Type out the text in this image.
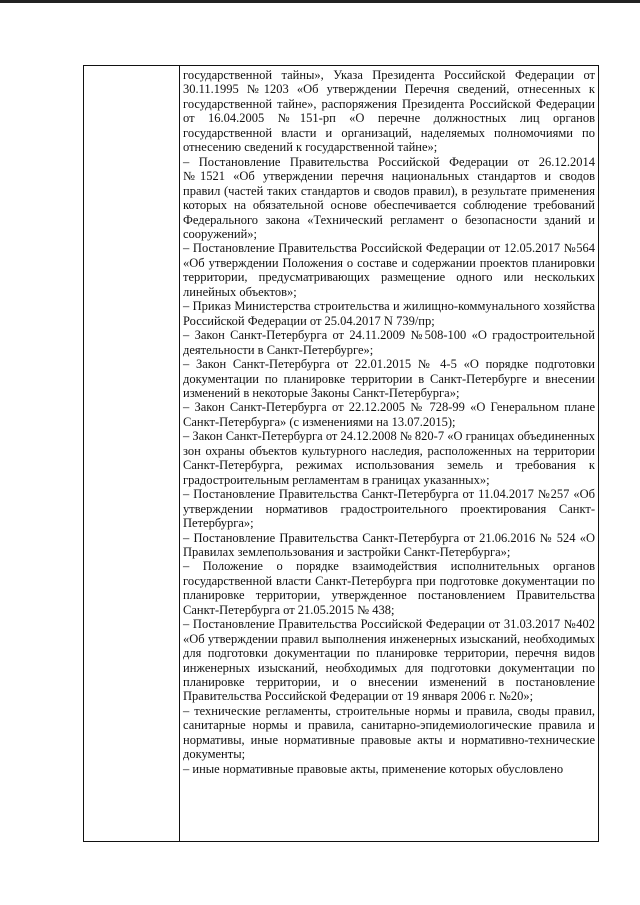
государственной тайны», Указа Президента Российской Федерации от 30.11.1995 №1203 «Об утверждении Перечня сведений, отнесенных к государственной тайне», распоряжения Президента Российской Федерации от 16.04.2005 №151-рп «О перечне должностных лиц органов государственной власти и организаций, наделяемых полномочиями по отнесению сведений к государственной тайне»;

– Постановление Правительства Российской Федерации от 26.12.2014 №1521 «Об утверждении перечня национальных стандартов и сводов правил (частей таких стандартов и сводов правил), в результате применения которых на обязательной основе обеспечивается соблюдение требований Федерального закона «Технический регламент о безопасности зданий и сооружений»;

– Постановление Правительства Российской Федерации от 12.05.2017 №564 «Об утверждении Положения о составе и содержании проектов планировки территории, предусматривающих размещение одного или нескольких линейных объектов»;

– Приказ Министерства строительства и жилищно-коммунального хозяйства Российской Федерации от 25.04.2017 N 739/пр;

– Закон Санкт-Петербурга от 24.11.2009 №508-100 «О градостроительной деятельности в Санкт-Петербурге»;

– Закон Санкт-Петербурга от 22.01.2015 № 4-5 «О порядке подготовки документации по планировке территории в Санкт-Петербурге и внесении изменений в некоторые Законы Санкт-Петербурга»;

– Закон Санкт-Петербурга от 22.12.2005 № 728-99 «О Генеральном плане Санкт-Петербурга» (с изменениями на 13.07.2015);

– Закон Санкт-Петербурга от 24.12.2008 № 820-7 «О границах объединенных зон охраны объектов культурного наследия, расположенных на территории Санкт-Петербурга, режимах использования земель и требования к градостроительным регламентам в границах указанных»;

– Постановление Правительства Санкт-Петербурга от 11.04.2017 №257 «Об утверждении нормативов градостроительного проектирования Санкт-Петербурга»;

– Постановление Правительства Санкт-Петербурга от 21.06.2016 № 524 «О Правилах землепользования и застройки Санкт-Петербурга»;

– Положение о порядке взаимодействия исполнительных органов государственной власти Санкт-Петербурга при подготовке документации по планировке территории, утвержденное постановлением Правительства Санкт-Петербурга от 21.05.2015 № 438;

– Постановление Правительства Российской Федерации от 31.03.2017 №402 «Об утверждении правил выполнения инженерных изысканий, необходимых для подготовки документации по планировке территории, перечня видов инженерных изысканий, необходимых для подготовки документации по планировке территории, и о внесении изменений в постановление Правительства Российской Федерации от 19 января 2006 г. №20»;

– технические регламенты, строительные нормы и правила, своды правил, санитарные нормы и правила, санитарно-эпидемиологические правила и нормативы, иные нормативные правовые акты и нормативно-технические документы;

– иные нормативные правовые акты, применение которых обусловлено
